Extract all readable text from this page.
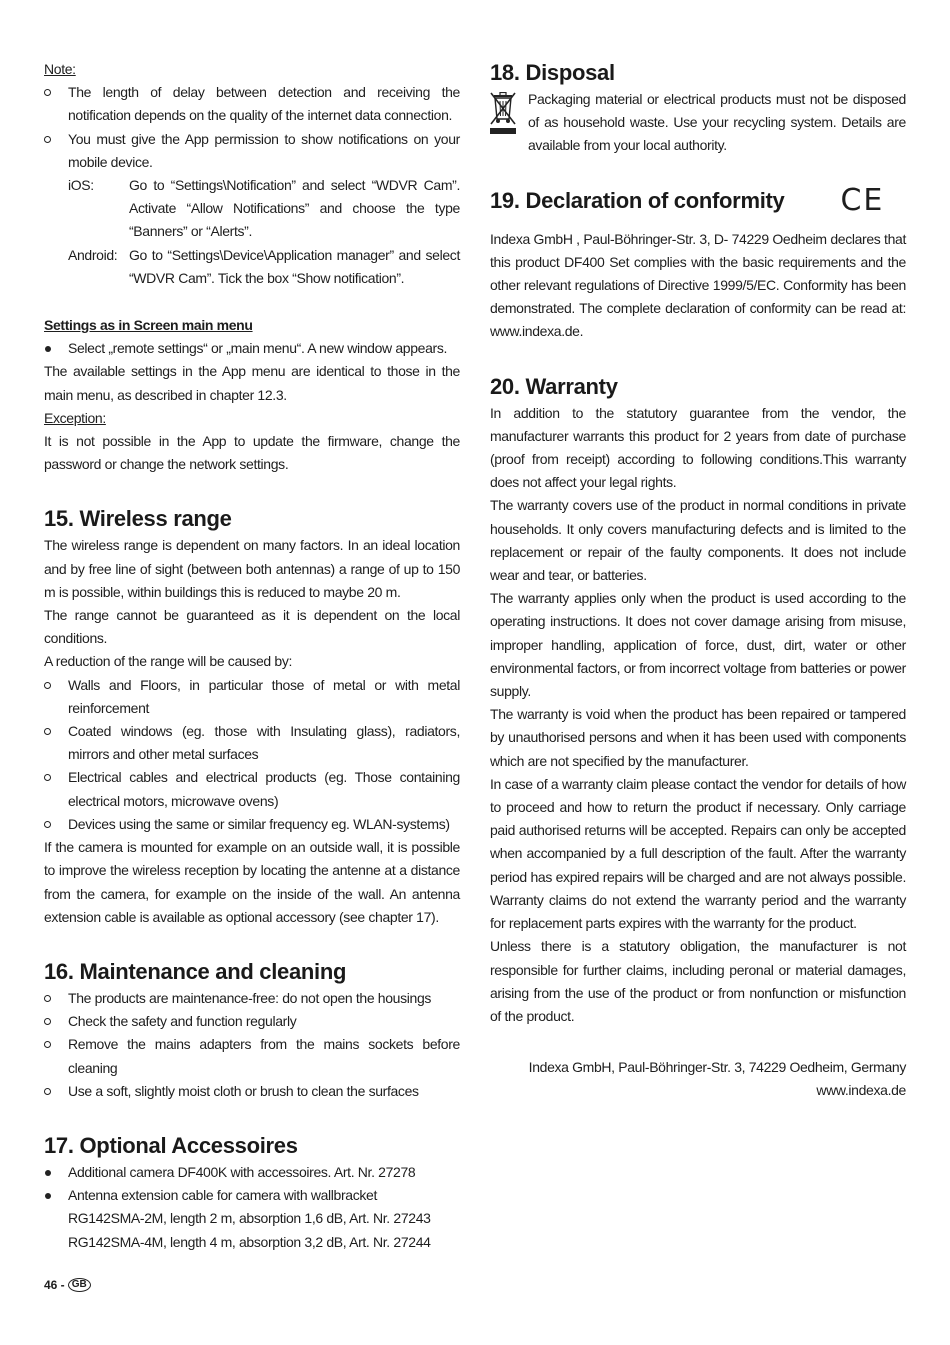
Note:

The length of delay between detection and receiving the notification depends on the quality of the internet data connection.
You must give the App permission to show notifications on your mobile device.
iOS:	Go to “Settings\Notification” and select “WDVR Cam”. Activate “Allow Notifications” and choose the type “Banners” or “Alerts”.
Android: Go to “Settings\Device\Application manager” and select “WDVR Cam”. Tick the box “Show notification”.

Settings as in Screen main menu

Select „remote settings“ or „main menu“. A new window appears.

The available settings in the App menu are identical to those in the main menu, as described in chapter 12.3.

Exception:

It is not possible in the App to update the firmware, change the password or change the network settings.

15. Wireless range

The wireless range is dependent on many factors. In an ideal location and by free line of sight (between both antennas) a range of up to 150 m is possible, within buildings this is reduced to maybe 20 m.

The range cannot be guaranteed as it is dependent on the local conditions.

A reduction of the range will be caused by:

Walls and Floors, in particular those of metal or with metal reinforcement
Coated windows (eg. those with Insulating glass), radiators, mirrors and other metal surfaces
Electrical cables and electrical products (eg. Those containing electrical motors, microwave ovens)
Devices using the same or similar frequency eg. WLAN-systems)

If the camera is mounted for example on an outside wall, it is possible to improve the wireless reception by locating the antenne at a distance from the camera, for example on the inside of the wall. An antenna extension cable is available as optional accessory (see chapter 17).

16. Maintenance and cleaning
The products are maintenance-free: do not open the housings
Check the safety and function regularly
Remove the mains adapters from the mains sockets before cleaning
Use a soft, slightly moist cloth or brush to clean the surfaces
17. Optional Accessoires
Additional camera DF400K with accessoires. Art. Nr. 27278
Antenna extension cable for camera with wallbracket

RG142SMA-2M, length 2 m, absorption 1,6 dB, Art. Nr. 27243

RG142SMA-4M, length 4 m, absorption 3,2 dB, Art. Nr. 27244

18. Disposal

Packaging material or electrical products must not be disposed of as household waste. Use your recycling system. Details are available from your local authority.

19. Declaration of conformity CE

Indexa GmbH , Paul-Böhringer-Str. 3, D- 74229 Oedheim declares that this product DF400 Set complies with the basic requirements and the other relevant regulations of Directive 1999/5/EC. Conformity has been demonstrated. The complete declaration of conformity can be read at: www.indexa.de.

20. Warranty

In addition to the statutory guarantee from the vendor, the manufacturer warrants this product for 2 years from date of purchase (proof from receipt) according to following conditions.This warranty does not affect your legal rights.

The warranty covers use of the product in normal conditions in private households. It only covers manufacturing defects and is limited to the replacement or repair of the faulty components. It does not include wear and tear, or batteries.

The warranty applies only when the product is used according to the operating instructions. It does not cover damage arising from misuse, improper handling, application of force, dust, dirt, water or other environmental factors, or from incorrect voltage from batteries or power supply.

The warranty is void when the product has been repaired or tampered by unauthorised persons and when it has been used with components which are not specified by the manufacturer.

In case of a warranty claim please contact the vendor for details of how to proceed and how to return the product if necessary. Only carriage paid authorised returns will be accepted. Repairs can only be accepted when accompanied by a full description of the fault. After the warranty period has expired repairs will be charged and are not always possible. Warranty claims do not extend the warranty period and the warranty for replacement parts expires with the warranty for the product.

Unless there is a statutory obligation, the manufacturer is not responsible for further claims, including peronal or material damages, arising from the use of the product or from nonfunction or misfunction of the product.

Indexa GmbH, Paul-Böhringer-Str. 3, 74229 Oedheim, Germany

www.indexa.de

46 - GB
